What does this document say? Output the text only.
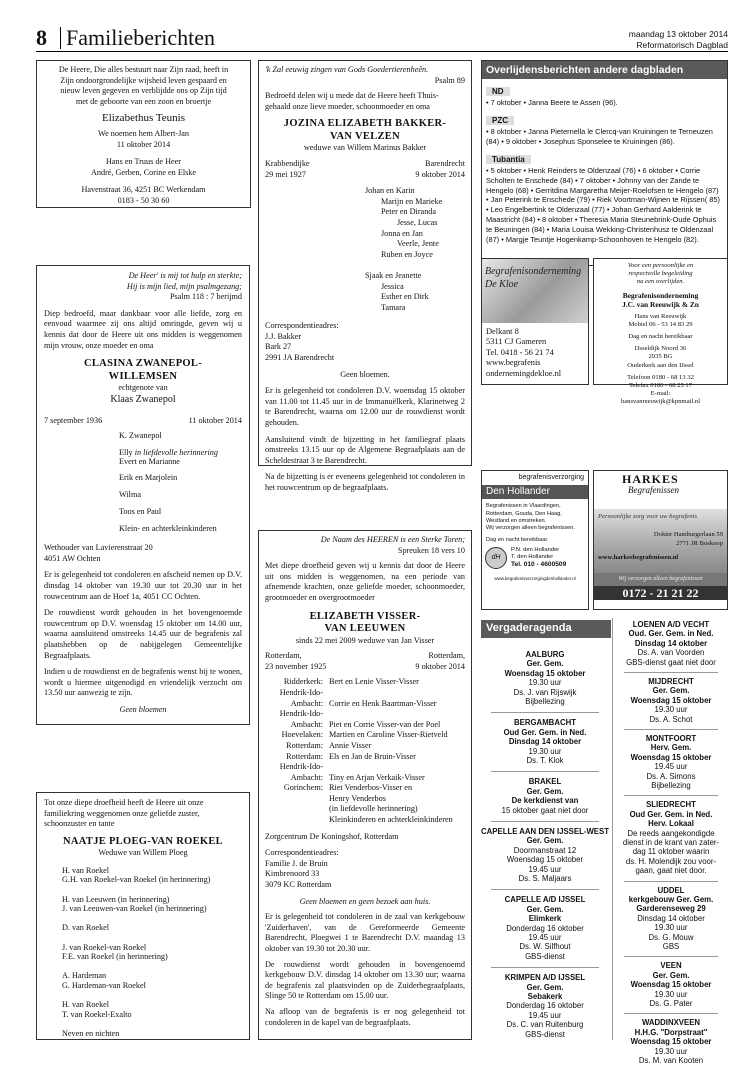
8 Familieberichten	maandag 13 oktober 2014
Reformatorisch Dagblad
De Heere, Die alles bestuurt naar Zijn raad, heeft in
Zijn ondoorgrondelijke wijsheid leven gespaard en
nieuw leven gegeven en verblijdde ons op Zijn tijd
met de geboorte van een zoon en broertje
Elizabethus Teunis
We noemen hem Albert-Jan
11 oktober 2014
Hans en Truus de Heer
André, Gerben, Corine en Elske
Havenstraat 36, 4251 BC Werkendam
0183 - 50 30 60
'k Zal eeuwig zingen van Gods Goedertierenheên.
Psalm 89
Bedroefd delen wij u mede dat de Heere heeft Thuis-
gehaald onze lieve moeder, schoonmoeder en oma
JOZINA ELIZABETH BAKKER-
VAN VELZEN
weduwe van Willem Marinus Bakker
Krabbendijke
29 mei 1927
Barendrecht
9 oktober 2014
Johan en Karin
Marijn en Marieke
Peter en Diranda
Jesse, Lucas
Jonna en Jan
Veerle, Jente
Ruben en Joyce

Sjaak en Jeanette
Jessica
Esther en Dirk
Tamara
Correspondentieadres:
J.J. Bakker
Bark 27
2991 JA Barendrecht
Geen bloemen.
Er is gelegenheid tot condoleren D.V. woensdag 15 oktober van 11.00 tot 11.45 uur in de Immanuëlkerk, Klarinetweg 2 te Barendrecht, waarna om 12.00 uur de rouwdienst wordt gehouden.
Aansluitend vindt de bijzetting in het familiegraf plaats omstreeks 13.15 uur op de Algemene Begraafplaats aan de Scheldestraat 3 te Barendrecht.
Na de bijzetting is er eveneens gelegenheid tot condoleren in het rouwcentrum op de begraafplaats.
Overlijdensberichten andere dagbladen
ND
• 7 oktober • Janna Beere te Assen (96).
PZC
• 8 oktober • Janna Pieternella le Clercq-van Kruiningen te Terneuzen (84) • 9 oktober • Josephus Sponselee te Kruiningen (86).
Tubantia
• 5 oktober • Henk Reinders te Oldenzaal (76) • 6 oktober • Corrie Scholten te Enschede (84) • 7 oktober • Johnny van der Zande te Hengelo (68) • Gerritdina Margaretha Meijer-Roelofsen te Hengelo (87) • Jan Peterink te Enschede (79) • Riek Voortman-Wijnen te Rijssen( 85) • Leo Engelbertink te Oldenzaal (77) • Johan Gerhard Aalderink te Maastricht (84) • 8 oktober • Theresia Maria Steunebrink-Oude Ophuis te Beuningen (84) • Maria Louisa Wekking-Christenhusz te Oldenzaal (87) • Margje Teuntje Hogenkamp-Schoonhoven te Hengelo (82).
Begrafenisonderneming De Kloe
Delkant 8
5311 CJ Gameren
Tel. 0418 - 56 21 74
www.begrafenis
ondernemingdekloe.nl
Voor een persoonlijke en
respectvolle begeleiding
na een overlijden.
Begrafenisonderneming
J.C. van Reeuwijk & Zn
Hans van Reeuwijk
Mobiel 06 - 53 14 83 29
Dag en nacht bereikbaar
IJsseldijk Noord 36
2935 BG
Ouderkerk aan den IJssel
Telefoon 0180 - 68 13 32
Telefax 0180 - 68 25 17
E-mail:
hansvanreeuwijk@kpnmail.nl
begrafenisverzorging
Den Hollander
Begrafenissen in Vlaardingen,
Rotterdam, Gouda, Den Haag,
Westland en omstreken.
Wij verzorgen alleen begrafenissen.
Dag en nacht bereikbaar.
dH
P.N. den Hollander
T. den Hollander
Tel. 010 - 4600509
www.begrafenisverzorgingdenhollander.nl
HARKES
Begrafenissen
Persoonlijke zorg voor uw begrafenis
Dokter Hamburgerlaan 59
2771 JR Boskoop
www.harkesbegrafenissen.nl
Wij verzorgen alleen begrafenissen
0172 - 21 21 22
De Heer' is mij tot hulp en sterkte;
Hij is mijn lied, mijn psalmgezang;
Psalm 118 : 7 berijmd
Diep bedroefd, maar dankbaar voor alle liefde, zorg en eenvoud waarmee zij ons altijd omringde, geven wij u kennis dat door de Heere uit ons midden is weggenomen mijn vrouw, onze moeder en oma
CLASINA ZWANEPOL-
WILLEMSEN
echtgenote van
Klaas Zwanepol
7 september 1936	11 oktober 2014
K. Zwanepol

Elly in liefdevolle herinnering
Evert en Marianne

Erik en Marjolein

Wilma

Toos en Paul

Klein- en achterkleinkinderen
Wethouder van Lavierenstraat 20
4051 AW Ochten
Er is gelegenheid tot condoleren en afscheid nemen op D.V. dinsdag 14 oktober van 19.30 uur tot 20.30 uur in het rouwcentrum aan de Hoef 1a, 4051 CC Ochten.
De rouwdienst wordt gehouden in het bovengenoemde rouwcentrum op D.V. woensdag 15 oktober om 14.00 uur, waarna aansluitend omstreeks 14.45 uur de begrafenis zal plaatshebben op de nabijgelegen Gemeentelijke Begraafplaats.
Indien u de rouwdienst en de begrafenis wenst bij te wonen, wordt u hiermee uitgenodigd en vriendelijk verzocht om 13.50 uur aanwezig te zijn.
Geen bloemen
De Naam des HEEREN is een Sterke Toren;
Spreuken 18 vers 10
Met diepe droefheid geven wij u kennis dat door de Heere uit ons midden is weggenomen, na een periode van afnemende krachten, onze geliefde moeder, schoonmoeder, grootmoeder en overgrootmoeder
ELIZABETH VISSER-
VAN LEEUWEN
sinds 22 mei 2009 weduwe van Jan Visser
Rotterdam,
23 november 1925
Rotterdam,
9 oktober 2014
Ridderkerk: Bert en Lenie Visser-Visser
Hendrik-Ido-
Ambacht: Corrie en Henk Baartman-Visser
Hendrik-Ido-
Ambacht: Piet en Corrie Visser-van der Poel
Hoevelaken: Martien en Caroline Visser-Rietveld
Rotterdam: Annie Visser
Rotterdam: Els en Jan de Bruin-Visser
Hendrik-Ido-
Ambacht: Tiny en Arjan Verkaik-Visser
Gorinchem: Riet Venderbos-Visser en
Henry Venderbos
(in liefdevolle herinnering)

Kleinkinderen en achterkleinkinderen
Zorgcentrum De Koningshof, Rotterdam
Correspondentieadres:
Familie J. de Bruin
Kimbrenoord 33
3079 KC Rotterdam
Geen bloemen en geen bezoek aan huis.
Er is gelegenheid tot condoleren in de zaal van kerkgebouw 'Zuiderhaven', van de Gereformeerde Gemeente Barendrecht, Ploegwei 1 te Barendrecht D.V. maandag 13 oktober van 19.30 tot 20.30 uur.
De rouwdienst wordt gehouden in bovengenoemd kerkgebouw D.V. dinsdag 14 oktober om 13.30 uur; waarna de begrafenis zal plaatsvinden op de Zuiderbegraafplaats, Slinge 50 te Rotterdam om 15.00 uur.
Na afloop van de begrafenis is er nog gelegenheid tot condoleren in de kapel van de begraafplaats.
Tot onze diepe droefheid heeft de Heere uit onze
familiekring weggenomen onze geliefde zuster,
schoonzuster en tante
NAATJE PLOEG-VAN ROEKEL
Weduwe van Willem Ploeg
H. van Roekel
G.H. van Roekel-van Roekel (in herinnering)

H. van Leeuwen (in herinnering)
J. van Leeuwen-van Roekel (in herinnering)

D. van Roekel

J. van Roekel-van Roekel
F.E. van Roekel (in herinnering)

A. Hardeman
G. Hardeman-van Roekel

H. van Roekel
T. van Roekel-Exalto

Neven en nichten
Vergaderagenda
AALBURG
Ger. Gem.
Woensdag 15 oktober
19.30 uur
Ds. J. van Rijswijk
Bijbellezing
BERGAMBACHT
Oud Ger. Gem. in Ned.
Dinsdag 14 oktober
19.30 uur
Ds. T. Klok
BRAKEL
Ger. Gem.
De kerkdienst van
15 oktober gaat niet door
CAPELLE AAN DEN IJSSEL-WEST
Ger. Gem.
Doormanstraat 12
Woensdag 15 oktober
19.45 uur
Ds. S. Maljaars
CAPELLE A/D IJSSEL
Ger. Gem.
Elimkerk
Donderdag 16 oktober
19.45 uur
Ds. W. Silfhout
GBS-dienst
KRIMPEN A/D IJSSEL
Ger. Gem.
Sebakerk
Donderdag 16 oktober
19.45 uur
Ds. C. van Ruitenburg
GBS-dienst
LOENEN A/D VECHT
Oud. Ger. Gem. in Ned.
Dinsdag 14 oktober
Ds. A. van Voorden
GBS-dienst gaat niet door
MIJDRECHT
Ger. Gem.
Woensdag 15 oktober
19.30 uur
Ds. A. Schot
MONTFOORT
Herv. Gem.
Woensdag 15 oktober
19.45 uur
Ds. A. Simons
Bijbellezing
SLIEDRECHT
Oud Ger. Gem. in Ned.
Herv. Lokaal
De reeds aangekondigde
dienst in de krant van zater-
dag 11 oktober waarin
ds. H. Molendijk zou voor-
gaan, gaat niet door.
UDDEL
kerkgebouw Ger. Gem.
Garderenseweg 29
Dinsdag 14 oktober
19.30 uur
Ds. G. Mouw
GBS
VEEN
Ger. Gem.
Woensdag 15 oktober
19.30 uur
Ds. G. Pater
WADDINXVEEN
H.H.G. "Dorpstraat"
Woensdag 15 oktober
19.30 uur
Ds. M. van Kooten
